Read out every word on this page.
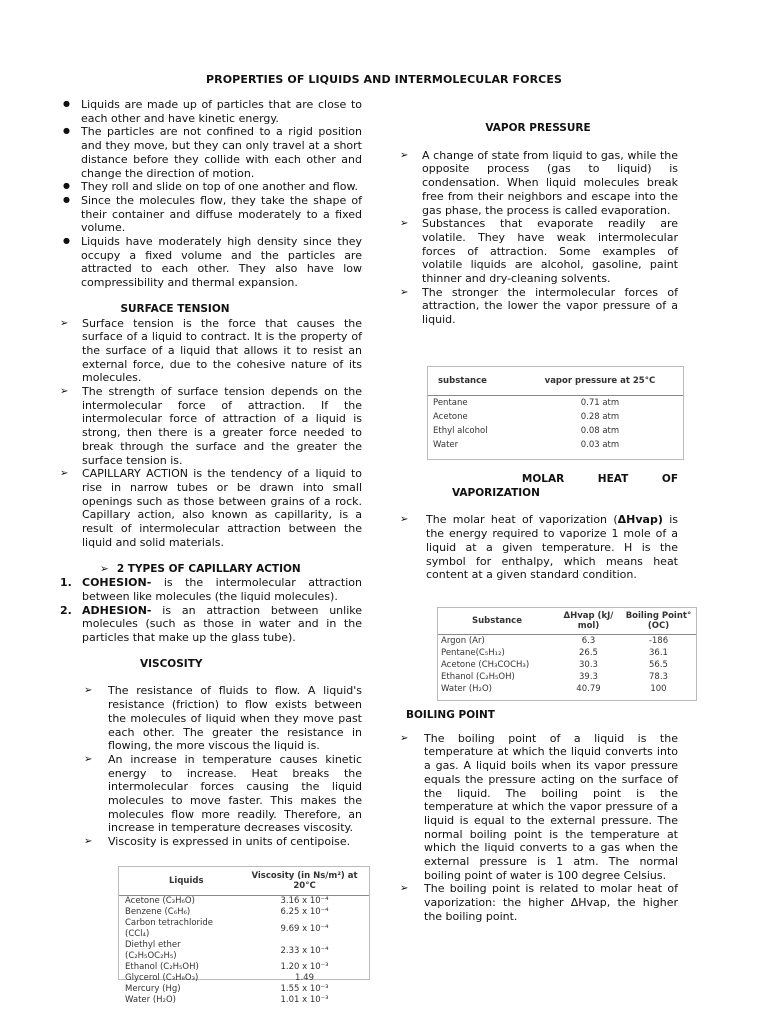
PROPERTIES OF LIQUIDS AND INTERMOLECULAR FORCES
● Liquids are made up of particles that are close to each other and have kinetic energy.
● The particles are not confined to a rigid position and they move, but they can only travel at a short distance before they collide with each other and change the direction of motion.
● They roll and slide on top of one another and flow.
● Since the molecules flow, they take the shape of their container and diffuse moderately to a fixed volume.
● Liquids have moderately high density since they occupy a fixed volume and the particles are attracted to each other. They also have low compressibility and thermal expansion.
SURFACE TENSION
➢ Surface tension is the force that causes the surface of a liquid to contract. It is the property of the surface of a liquid that allows it to resist an external force, due to the cohesive nature of its molecules.
➢ The strength of surface tension depends on the intermolecular force of attraction. If the intermolecular force of attraction of a liquid is strong, then there is a greater force needed to break through the surface and the greater the surface tension is.
➢ CAPILLARY ACTION is the tendency of a liquid to rise in narrow tubes or be drawn into small openings such as those between grains of a rock. Capillary action, also known as capillarity, is a result of intermolecular attraction between the liquid and solid materials.
➢ 2 TYPES OF CAPILLARY ACTION
1. COHESION- is the intermolecular attraction between like molecules (the liquid molecules).
2. ADHESION- is an attraction between unlike molecules (such as those in water and in the particles that make up the glass tube).
VISCOSITY
➢ The resistance of fluids to flow. A liquid's resistance (friction) to flow exists between the molecules of liquid when they move past each other. The greater the resistance in flowing, the more viscous the liquid is.
➢ An increase in temperature causes kinetic energy to increase. Heat breaks the intermolecular forces causing the liquid molecules to move faster. This makes the molecules flow more readily. Therefore, an increase in temperature decreases viscosity.
➢ Viscosity is expressed in units of centipoise.
Liquids	Viscosity (in Ns/m²) at 20°C
Acetone (C₃H₆O)	3.16 x 10⁻⁴
Benzene (C₆H₆)	6.25 x 10⁻⁴
Carbon tetrachloride (CCl₄)	9.69 x 10⁻⁴
Diethyl ether (C₂H₅OC₂H₅)	2.33 x 10⁻⁴
Ethanol (C₂H₅OH)	1.20 x 10⁻³
Glycerol (C₃H₈O₃)	1.49
Mercury (Hg)	1.55 x 10⁻³
Water (H₂O)	1.01 x 10⁻³
VAPOR PRESSURE
➢ A change of state from liquid to gas, while the opposite process (gas to liquid) is condensation. When liquid molecules break free from their neighbors and escape into the gas phase, the process is called evaporation.
➢ Substances that evaporate readily are volatile. They have weak intermolecular forces of attraction. Some examples of volatile liquids are alcohol, gasoline, paint thinner and dry-cleaning solvents.
➢ The stronger the intermolecular forces of attraction, the lower the vapor pressure of a liquid.
substance	vapor pressure at 25°C
Pentane	0.71 atm
Acetone	0.28 atm
Ethyl alcohol	0.08 atm
Water	0.03 atm
MOLAR HEAT OF
VAPORIZATION
➢ The molar heat of vaporization (ΔHvap) is the energy required to vaporize 1 mole of a liquid at a given temperature. H is the symbol for enthalpy, which means heat content at a given standard condition.
Substance	ΔHvap (kJ/ mol)	Boiling Point° (OC)
Argon (Ar)	6.3	-186
Pentane(C₅H₁₂)	26.5	36.1
Acetone (CH₃COCH₃)	30.3	56.5
Ethanol (C₂H₅OH)	39.3	78.3
Water (H₂O)	40.79	100
BOILING POINT
➢ The boiling point of a liquid is the temperature at which the liquid converts into a gas. A liquid boils when its vapor pressure equals the pressure acting on the surface of the liquid. The boiling point is the temperature at which the vapor pressure of a liquid is equal to the external pressure. The normal boiling point is the temperature at which the liquid converts to a gas when the external pressure is 1 atm. The normal boiling point of water is 100 degree Celsius.
➢ The boiling point is related to molar heat of vaporization: the higher ΔHvap, the higher the boiling point.
